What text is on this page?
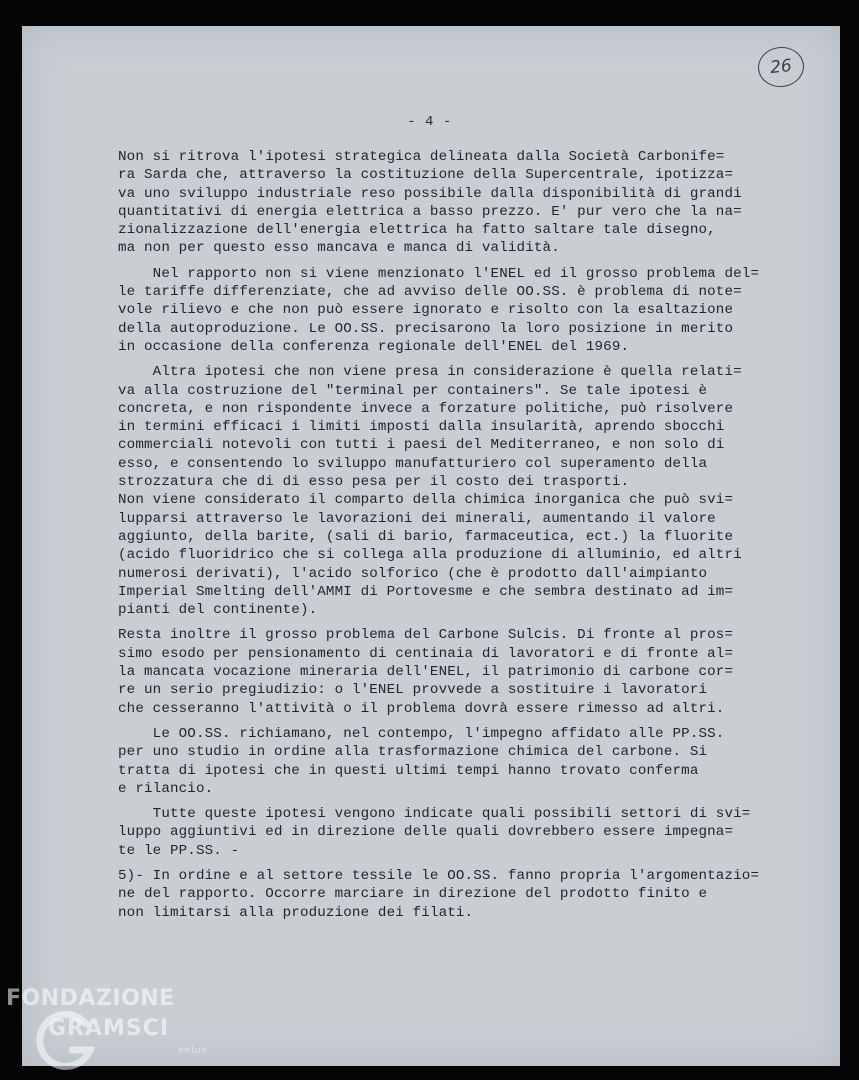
26
- 4 -
Non si ritrova l'ipotesi strategica delineata dalla Società Carbonife=
ra Sarda che, attraverso la costituzione della Supercentrale, ipotizza=
va uno sviluppo industriale reso possibile dalla disponibilità di grandi
quantitativi di energia elettrica a basso prezzo. E' pur vero che la na=
zionalizzazione dell'energia elettrica ha fatto saltare tale disegno,
ma non per questo esso mancava e manca di validità.
Nel rapporto non si viene menzionato l'ENEL ed il grosso problema del=
le tariffe differenziate, che ad avviso delle OO.SS. è problema di note=
vole rilievo e che non può essere ignorato e risolto con la esaltazione
della autoproduzione. Le OO.SS. precisarono la loro posizione in merito
in occasione della conferenza regionale dell'ENEL del 1969.
Altra ipotesi che non viene presa in considerazione è quella relati=
va alla costruzione del "terminal per containers". Se tale ipotesi è
concreta, e non rispondente invece a forzature politiche, può risolvere
in termini efficaci i limiti imposti dalla insularità, aprendo sbocchi
commerciali notevoli con tutti i paesi del Mediterraneo, e non solo di
esso, e consentendo lo sviluppo manufatturiero col superamento della
strozzatura che di di esso pesa per il costo dei trasporti.
Non viene considerato il comparto della chimica inorganica che può svi=
lupparsi attraverso le lavorazioni dei minerali, aumentando il valore
aggiunto, della barite, (sali di bario, farmaceutica, ect.) la fluorite
(acido fluoridrico che si collega alla produzione di alluminio, ed altri
numerosi derivati), l'acido solforico (che è prodotto dall'aimpianto
Imperial Smelting dell'AMMI di Portovesme e che sembra destinato ad im=
pianti del continente).
Resta inoltre il grosso problema del Carbone Sulcis. Di fronte al pros=
simo esodo per pensionamento di centinaia di lavoratori e di fronte al=
la mancata vocazione mineraria dell'ENEL, il patrimonio di carbone cor=
re un serio pregiudizio: o l'ENEL provvede a sostituire i lavoratori
che cesseranno l'attività o il problema dovrà essere rimesso ad altri.
Le OO.SS. richiamano, nel contempo, l'impegno affidato alle PP.SS.
per uno studio in ordine alla trasformazione chimica del carbone. Si
tratta di ipotesi che in questi ultimi tempi hanno trovato conferma
e rilancio.
Tutte queste ipotesi vengono indicate quali possibili settori di svi=
luppo aggiuntivi ed in direzione delle quali dovrebbero essere impegna=
te le PP.SS. -
5)- In ordine e al settore tessile le OO.SS. fanno propria l'argomentazio=
ne del rapporto. Occorre marciare in direzione del prodotto finito e
non limitarsi alla produzione dei filati.
FONDAZIONE
GRAMSCI
onlus
